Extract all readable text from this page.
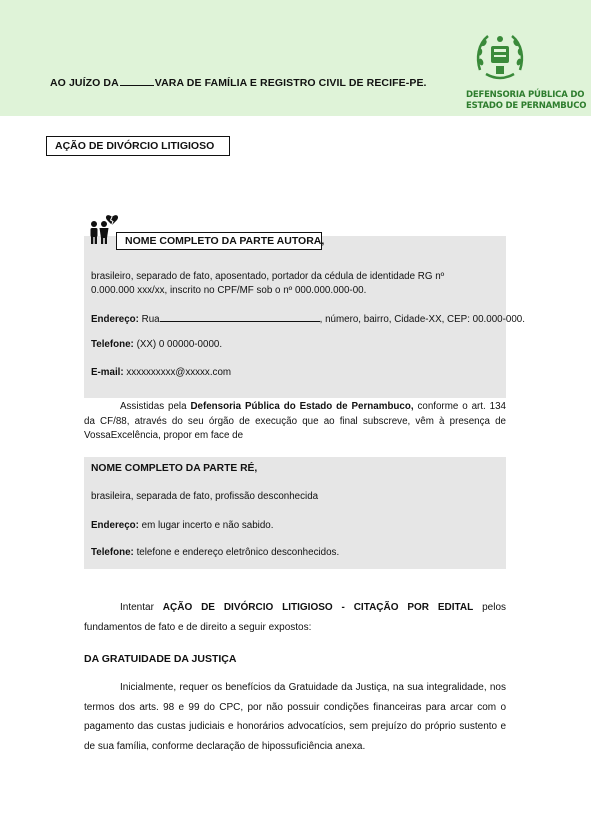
AO JUÍZO DA	VARA DE FAMÍLIA E REGISTRO CIVIL DE RECIFE-PE.
DEFENSORIA PÚBLICA DO
ESTADO DE PERNAMBUCO
AÇÃO DE DIVÓRCIO LITIGIOSO
NOME COMPLETO DA PARTE AUTORA,
brasileiro, separado de fato, aposentado, portador da cédula de identidade RG nº
0.000.000 xxx/xx, inscrito no CPF/MF sob o nº 000.000.000-00.
Endereço: Rua	, número, bairro, Cidade-XX, CEP: 00.000-000.
Telefone: (XX) 0 00000-0000.
E-mail: xxxxxxxxxx@xxxxx.com
Assistidas pela Defensoria Pública do Estado de Pernambuco, conforme o art. 134 da CF/88, através do seu órgão de execução que ao final subscreve, vêm à presença de VossaExcelência, propor em face de
NOME COMPLETO DA PARTE RÉ,
brasileira, separada de fato, profissão desconhecida
Endereço: em lugar incerto e não sabido.
Telefone: telefone e endereço eletrônico desconhecidos.
Intentar AÇÃO DE DIVÓRCIO LITIGIOSO - CITAÇÃO POR EDITAL pelos fundamentos de fato e de direito a seguir expostos:
DA GRATUIDADE DA JUSTIÇA
Inicialmente, requer os benefícios da Gratuidade da Justiça, na sua integralidade, nos termos dos arts. 98 e 99 do CPC, por não possuir condições financeiras para arcar com o pagamento das custas judiciais e honorários advocatícios, sem prejuízo do próprio sustento e de sua família, conforme declaração de hipossuficiência anexa.
